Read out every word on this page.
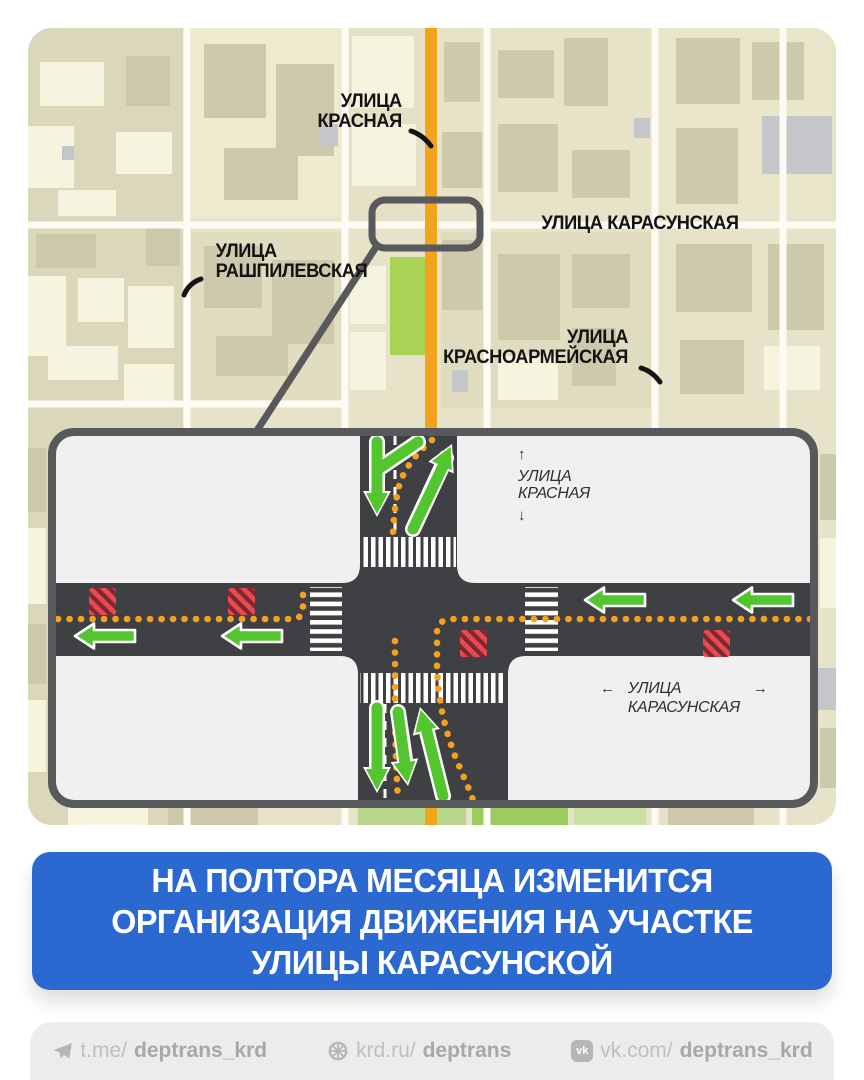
УЛИЦА
КРАСНАЯ
УЛИЦА КАРАСУНСКАЯ
УЛИЦА
РАШПИЛЕВСКАЯ
УЛИЦА
КРАСНОАРМЕЙСКАЯ
↑
УЛИЦА
КРАСНАЯ
↓
← УЛИЦА
КАРАСУНСКАЯ
→
НА ПОЛТОРА МЕСЯЦА ИЗМЕНИТСЯ
ОРГАНИЗАЦИЯ ДВИЖЕНИЯ НА УЧАСТКЕ
УЛИЦЫ КАРАСУНСКОЙ
t.me/ deptrans_krd	krd.ru/ deptrans	vk vk.com/ deptrans_krd
